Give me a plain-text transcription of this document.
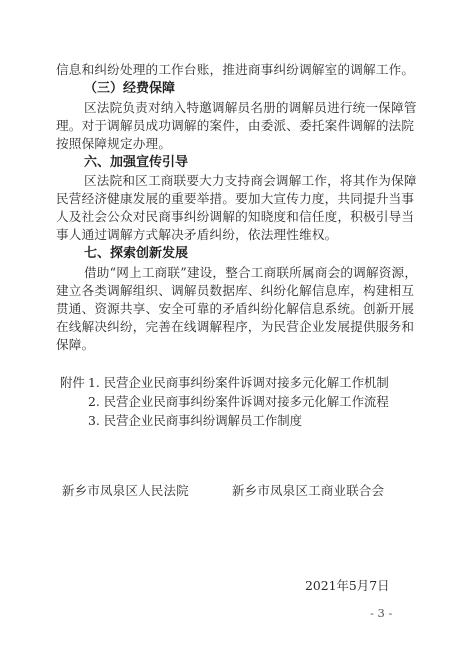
信息和纠纷处理的工作台账，推进商事纠纷调解室的调解工作。
（三）经费保障
区法院负责对纳入特邀调解员名册的调解员进行统一保障管
理。对于调解员成功调解的案件，由委派、委托案件调解的法院
按照保障规定办理。
六、加强宣传引导
区法院和区工商联要大力支持商会调解工作，将其作为保障
民营经济健康发展的重要举措。要加大宣传力度，共同提升当事
人及社会公众对民商事纠纷调解的知晓度和信任度，积极引导当
事人通过调解方式解决矛盾纠纷，依法理性维权。
七、探索创新发展
借助“网上工商联”建设，整合工商联所属商会的调解资源，
建立各类调解组织、调解员数据库、纠纷化解信息库，构建相互
贯通、资源共享、安全可靠的矛盾纠纷化解信息系统。创新开展
在线解决纠纷，完善在线调解程序，为民营企业发展提供服务和
保障。
附件 1. 民营企业民商事纠纷案件诉调对接多元化解工作机制
2. 民营企业民商事纠纷案件诉调对接多元化解工作流程
3. 民营企业民商事纠纷调解员工作制度
新乡市凤泉区人民法院	新乡市凤泉区工商业联合会
2021年5月7日
- 3 -
